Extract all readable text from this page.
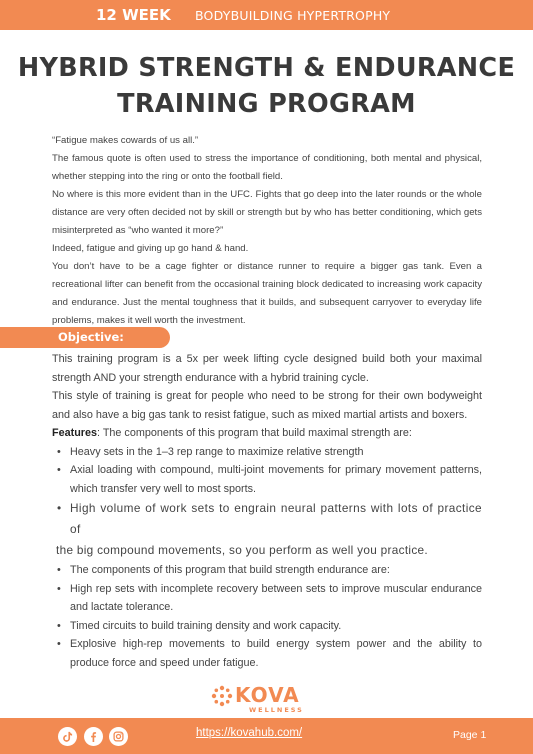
12 WEEK BODYBUILDING HYPERTROPHY
HYBRID STRENGTH & ENDURANCE
TRAINING PROGRAM

“Fatigue makes cowards of us all.”

The famous quote is often used to stress the importance of conditioning, both mental and physical, whether stepping into the ring or onto the football field.

No where is this more evident than in the UFC. Fights that go deep into the later rounds or the whole distance are very often decided not by skill or strength but by who has better conditioning, which gets misinterpreted as “who wanted it more?”

Indeed, fatigue and giving up go hand & hand.

You don’t have to be a cage fighter or distance runner to require a bigger gas tank. Even a recreational lifter can benefit from the occasional training block dedicated to increasing work capacity and endurance. Just the mental toughness that it builds, and subsequent carryover to everyday life problems, makes it well worth the investment.

Objective:

This training program is a 5x per week lifting cycle designed build both your maximal strength AND your strength endurance with a hybrid training cycle.

This style of training is great for people who need to be strong for their own bodyweight and also have a big gas tank to resist fatigue, such as mixed martial artists and boxers.

Features: The components of this program that build maximal strength are:

• Heavy sets in the 1–3 rep range to maximize relative strength
• Axial loading with compound, multi-joint movements for primary movement patterns, which transfer very well to most sports.
• High volume of work sets to engrain neural patterns with lots of practice of

the big compound movements, so you perform as well you practice.

• The components of this program that build strength endurance are:
• High rep sets with incomplete recovery between sets to improve muscular endurance and lactate tolerance.
• Timed circuits to build training density and work capacity.
• Explosive high-rep movements to build energy system power and the ability to produce force and speed under fatigue.
KOVA
WELLNESS
https://kovahub.com/	Page 1
